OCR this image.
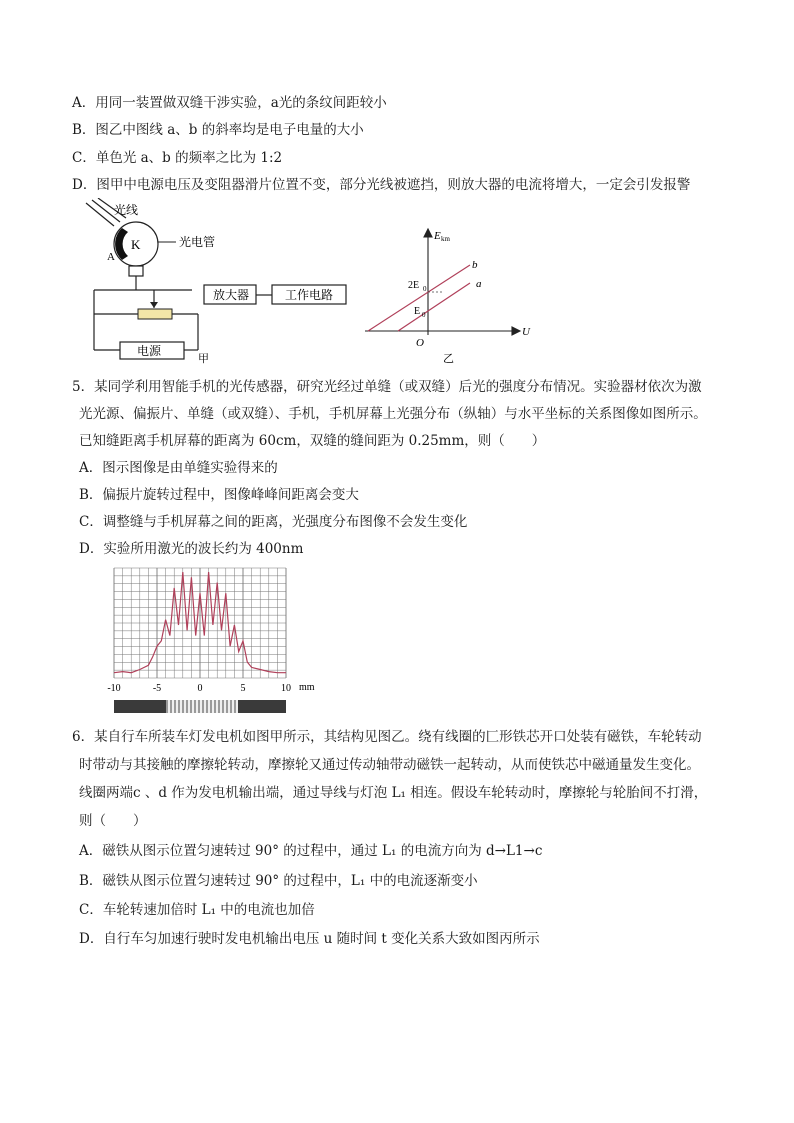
A．用同一装置做双缝干涉实验，a光的条纹间距较小
B．图乙中图线 a、b 的斜率均是电子电量的大小
C．单色光 a、b 的频率之比为 1:2
D．图甲中电源电压及变阻器滑片位置不变，部分光线被遮挡，则放大器的电流将增大，一定会引发报警
光线
K
A
光电管
放大器	工作电路
电源
甲
E km
U
O
b
a
2E 0
E 0
乙
5．某同学利用智能手机的光传感器，研究光经过单缝（或双缝）后光的强度分布情况。实验器材依次为激
光光源、偏振片、单缝（或双缝）、手机，手机屏幕上光强分布（纵轴）与水平坐标的关系图像如图所示。
已知缝距离手机屏幕的距离为 60cm，双缝的缝间距为 0.25mm，则（　　）
A．图示图像是由单缝实验得来的
B．偏振片旋转过程中，图像峰峰间距离会变大
C．调整缝与手机屏幕之间的距离，光强度分布图像不会发生变化
D．实验所用激光的波长约为 400nm
-10	-5	0	5	10 mm
6．某自行车所装车灯发电机如图甲所示，其结构见图乙。绕有线圈的匚形铁芯开口处装有磁铁，车轮转动
时带动与其接触的摩擦轮转动，摩擦轮又通过传动轴带动磁铁一起转动，从而使铁芯中磁通量发生变化。
线圈两端c 、d 作为发电机输出端，通过导线与灯泡 L₁ 相连。假设车轮转动时，摩擦轮与轮胎间不打滑，
则（　　）
A．磁铁从图示位置匀速转过 90° 的过程中，通过 L₁ 的电流方向为 d→L1→c
B．磁铁从图示位置匀速转过 90° 的过程中，L₁ 中的电流逐渐变小
C．车轮转速加倍时 L₁ 中的电流也加倍
D．自行车匀加速行驶时发电机输出电压 u 随时间 t 变化关系大致如图丙所示
